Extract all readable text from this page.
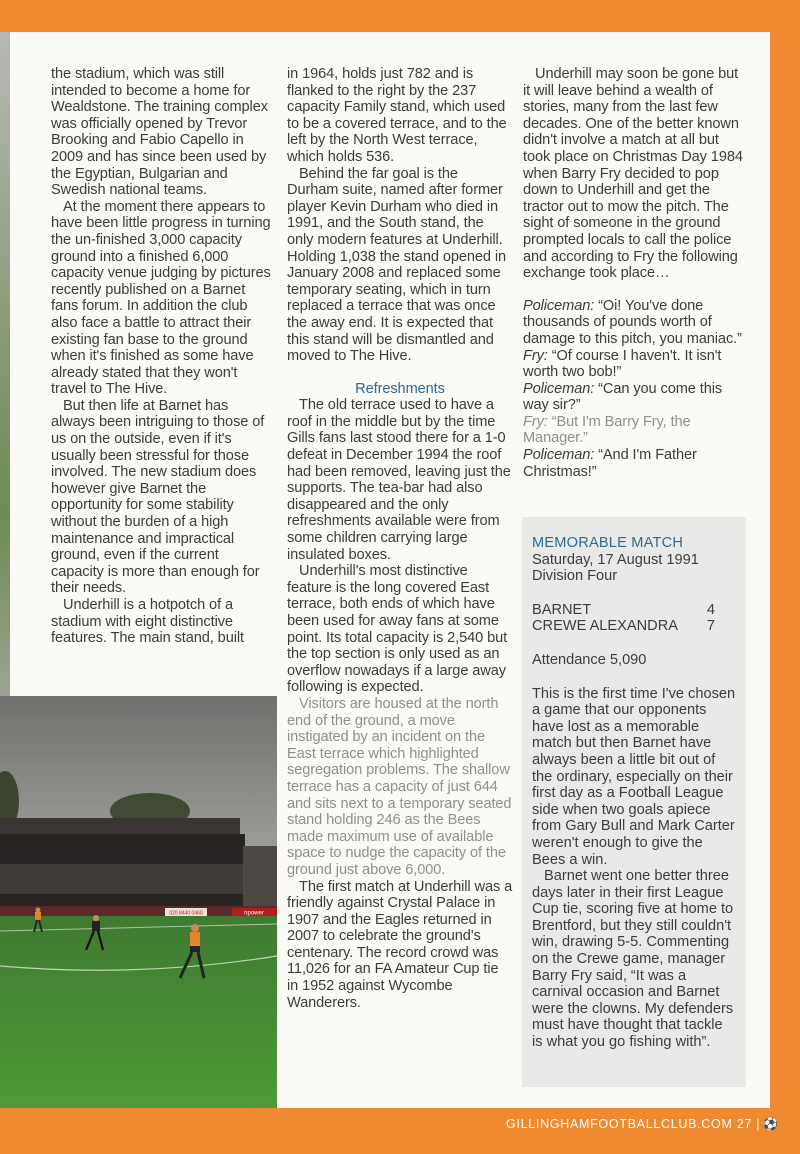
the stadium, which was still intended to become a home for Wealdstone. The training complex was officially opened by Trevor Brooking and Fabio Capello in 2009 and has since been used by the Egyptian, Bulgarian and Swedish national teams.

At the moment there appears to have been little progress in turning the un-finished 3,000 capacity ground into a finished 6,000 capacity venue judging by pictures recently published on a Barnet fans forum. In addition the club also face a battle to attract their existing fan base to the ground when it's finished as some have already stated that they won't travel to The Hive.

But then life at Barnet has always been intriguing to those of us on the outside, even if it's usually been stressful for those involved. The new stadium does however give Barnet the opportunity for some stability without the burden of a high maintenance and impractical ground, even if the current capacity is more than enough for their needs.

Underhill is a hotpotch of a stadium with eight distinctive features. The main stand, built

in 1964, holds just 782 and is flanked to the right by the 237 capacity Family stand, which used to be a covered terrace, and to the left by the North West terrace, which holds 536.

Behind the far goal is the Durham suite, named after former player Kevin Durham who died in 1991, and the South stand, the only modern features at Underhill. Holding 1,038 the stand opened in January 2008 and replaced some temporary seating, which in turn replaced a terrace that was once the away end. It is expected that this stand will be dismantled and moved to The Hive.

Refreshments

The old terrace used to have a roof in the middle but by the time Gills fans last stood there for a 1-0 defeat in December 1994 the roof had been removed, leaving just the supports. The tea-bar had also disappeared and the only refreshments available were from some children carrying large insulated boxes.

Underhill's most distinctive feature is the long covered East terrace, both ends of which have been used for away fans at some point. Its total capacity is 2,540 but the top section is only used as an overflow nowadays if a large away following is expected.

Visitors are housed at the north end of the ground, a move instigated by an incident on the East terrace which highlighted segregation problems. The shallow terrace has a capacity of just 644 and sits next to a temporary seated stand holding 246 as the Bees made maximum use of available space to nudge the capacity of the ground just above 6,000.

The first match at Underhill was a friendly against Crystal Palace in 1907 and the Eagles returned in 2007 to celebrate the ground's centenary. The record crowd was 11,026 for an FA Amateur Cup tie in 1952 against Wycombe Wanderers.

Underhill may soon be gone but it will leave behind a wealth of stories, many from the last few decades. One of the better known didn't involve a match at all but took place on Christmas Day 1984 when Barry Fry decided to pop down to Underhill and get the tractor out to mow the pitch. The sight of someone in the ground prompted locals to call the police and according to Fry the following exchange took place…

Policeman: “Oi! You've done thousands of pounds worth of damage to this pitch, you maniac.”

Fry: “Of course I haven't. It isn't worth two bob!”

Policeman: “Can you come this way sir?”

Fry: “But I'm Barry Fry, the Manager.”

Policeman: “And I'm Father Christmas!”

MEMORABLE MATCH
Saturday, 17 August 1991
Division Four
BARNET	4
CREWE ALEXANDRA 7
Attendance 5,090

This is the first time I've chosen a game that our opponents have lost as a memorable match but then Barnet have always been a little bit out of the ordinary, especially on their first day as a Football League side when two goals apiece from Gary Bull and Mark Carter weren't enough to give the Bees a win.

Barnet went one better three days later in their first League Cup tie, scoring five at home to Brentford, but they still couldn't win, drawing 5-5. Commenting on the Crewe game, manager Barry Fry said, “It was a carnival occasion and Barnet were the clowns. My defenders must have thought that tackle is what you go fishing with”.

020 8440 0460	npower
GILLINGHAMFOOTBALLCLUB.COM 27 | ⚽
